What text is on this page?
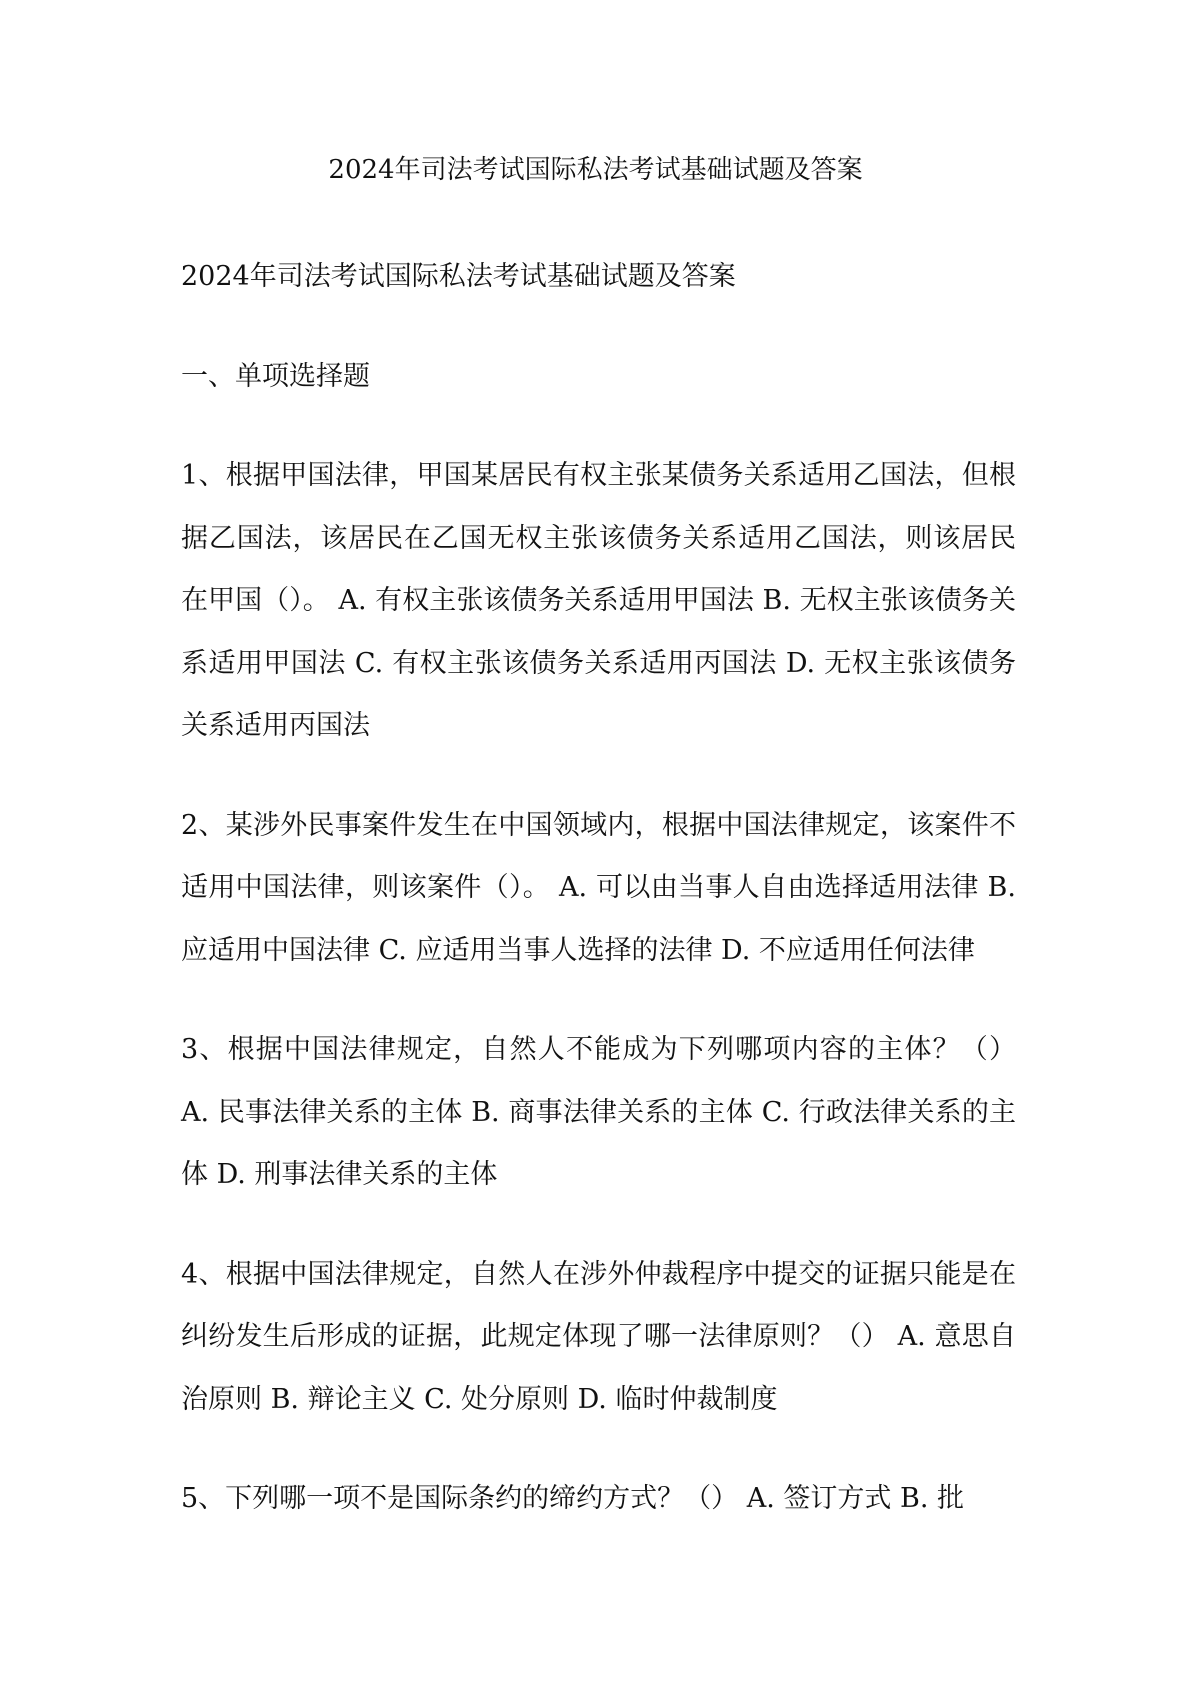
2024年司法考试国际私法考试基础试题及答案

2024年司法考试国际私法考试基础试题及答案

一、单项选择题

1、根据甲国法律，甲国某居民有权主张某债务关系适用乙国法，但根据乙国法，该居民在乙国无权主张该债务关系适用乙国法，则该居民在甲国（）。 A. 有权主张该债务关系适用甲国法 B. 无权主张该债务关系适用甲国法 C. 有权主张该债务关系适用丙国法 D. 无权主张该债务关系适用丙国法

2、某涉外民事案件发生在中国领域内，根据中国法律规定，该案件不适用中国法律，则该案件（）。 A. 可以由当事人自由选择适用法律 B. 应适用中国法律 C. 应适用当事人选择的法律 D. 不应适用任何法律

3、根据中国法律规定，自然人不能成为下列哪项内容的主体？（） A. 民事法律关系的主体 B. 商事法律关系的主体 C. 行政法律关系的主体 D. 刑事法律关系的主体

4、根据中国法律规定，自然人在涉外仲裁程序中提交的证据只能是在纠纷发生后形成的证据，此规定体现了哪一法律原则？（） A. 意思自治原则 B. 辩论主义 C. 处分原则 D. 临时仲裁制度

5、下列哪一项不是国际条约的缔约方式？（） A. 签订方式 B. 批
